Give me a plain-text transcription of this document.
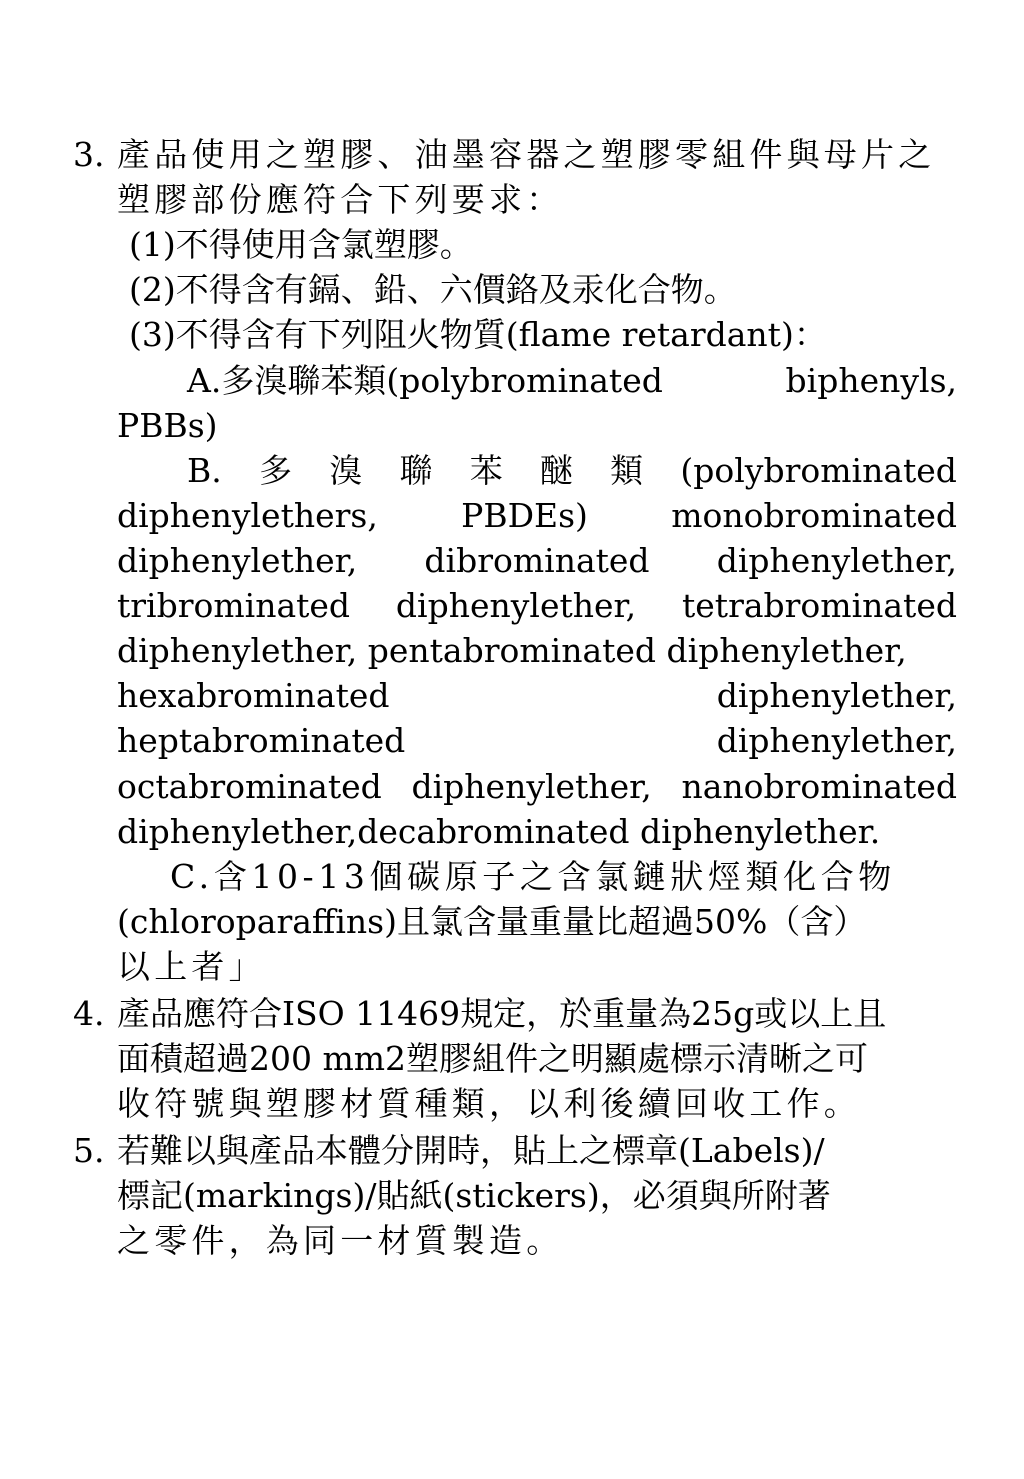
3. 產品使用之塑膠、油墨容器之塑膠零組件與母片之
塑膠部份應符合下列要求：
(1)不得使用含氯塑膠。
(2)不得含有鎘、鉛、六價鉻及汞化合物。
(3)不得含有下列阻火物質(flame retardant)：
A.多溴聯苯類(polybrominated	biphenyls,
PBBs)
B. 多 溴 聯 苯 醚 類 (polybrominated
diphenylethers,	PBDEs)	monobrominated
diphenylether, dibrominated diphenylether,
tribrominated diphenylether, tetrabrominated
diphenylether, pentabrominated diphenylether,
hexabrominated	diphenylether,
heptabrominated	diphenylether,
octabrominated diphenylether, nanobrominated
diphenylether,decabrominated diphenylether.
C.含10-13個碳原子之含氯鏈狀烴類化合物
(chloroparaffins)且氯含量重量比超過50%（含）
以上者」
4. 產品應符合ISO 11469規定，於重量為25g或以上且
面積超過200 mm2塑膠組件之明顯處標示清晰之可
收符號與塑膠材質種類，以利後續回收工作。
5. 若難以與產品本體分開時，貼上之標章(Labels)/
標記(markings)/貼紙(stickers)，必須與所附著
之零件，為同一材質製造。
